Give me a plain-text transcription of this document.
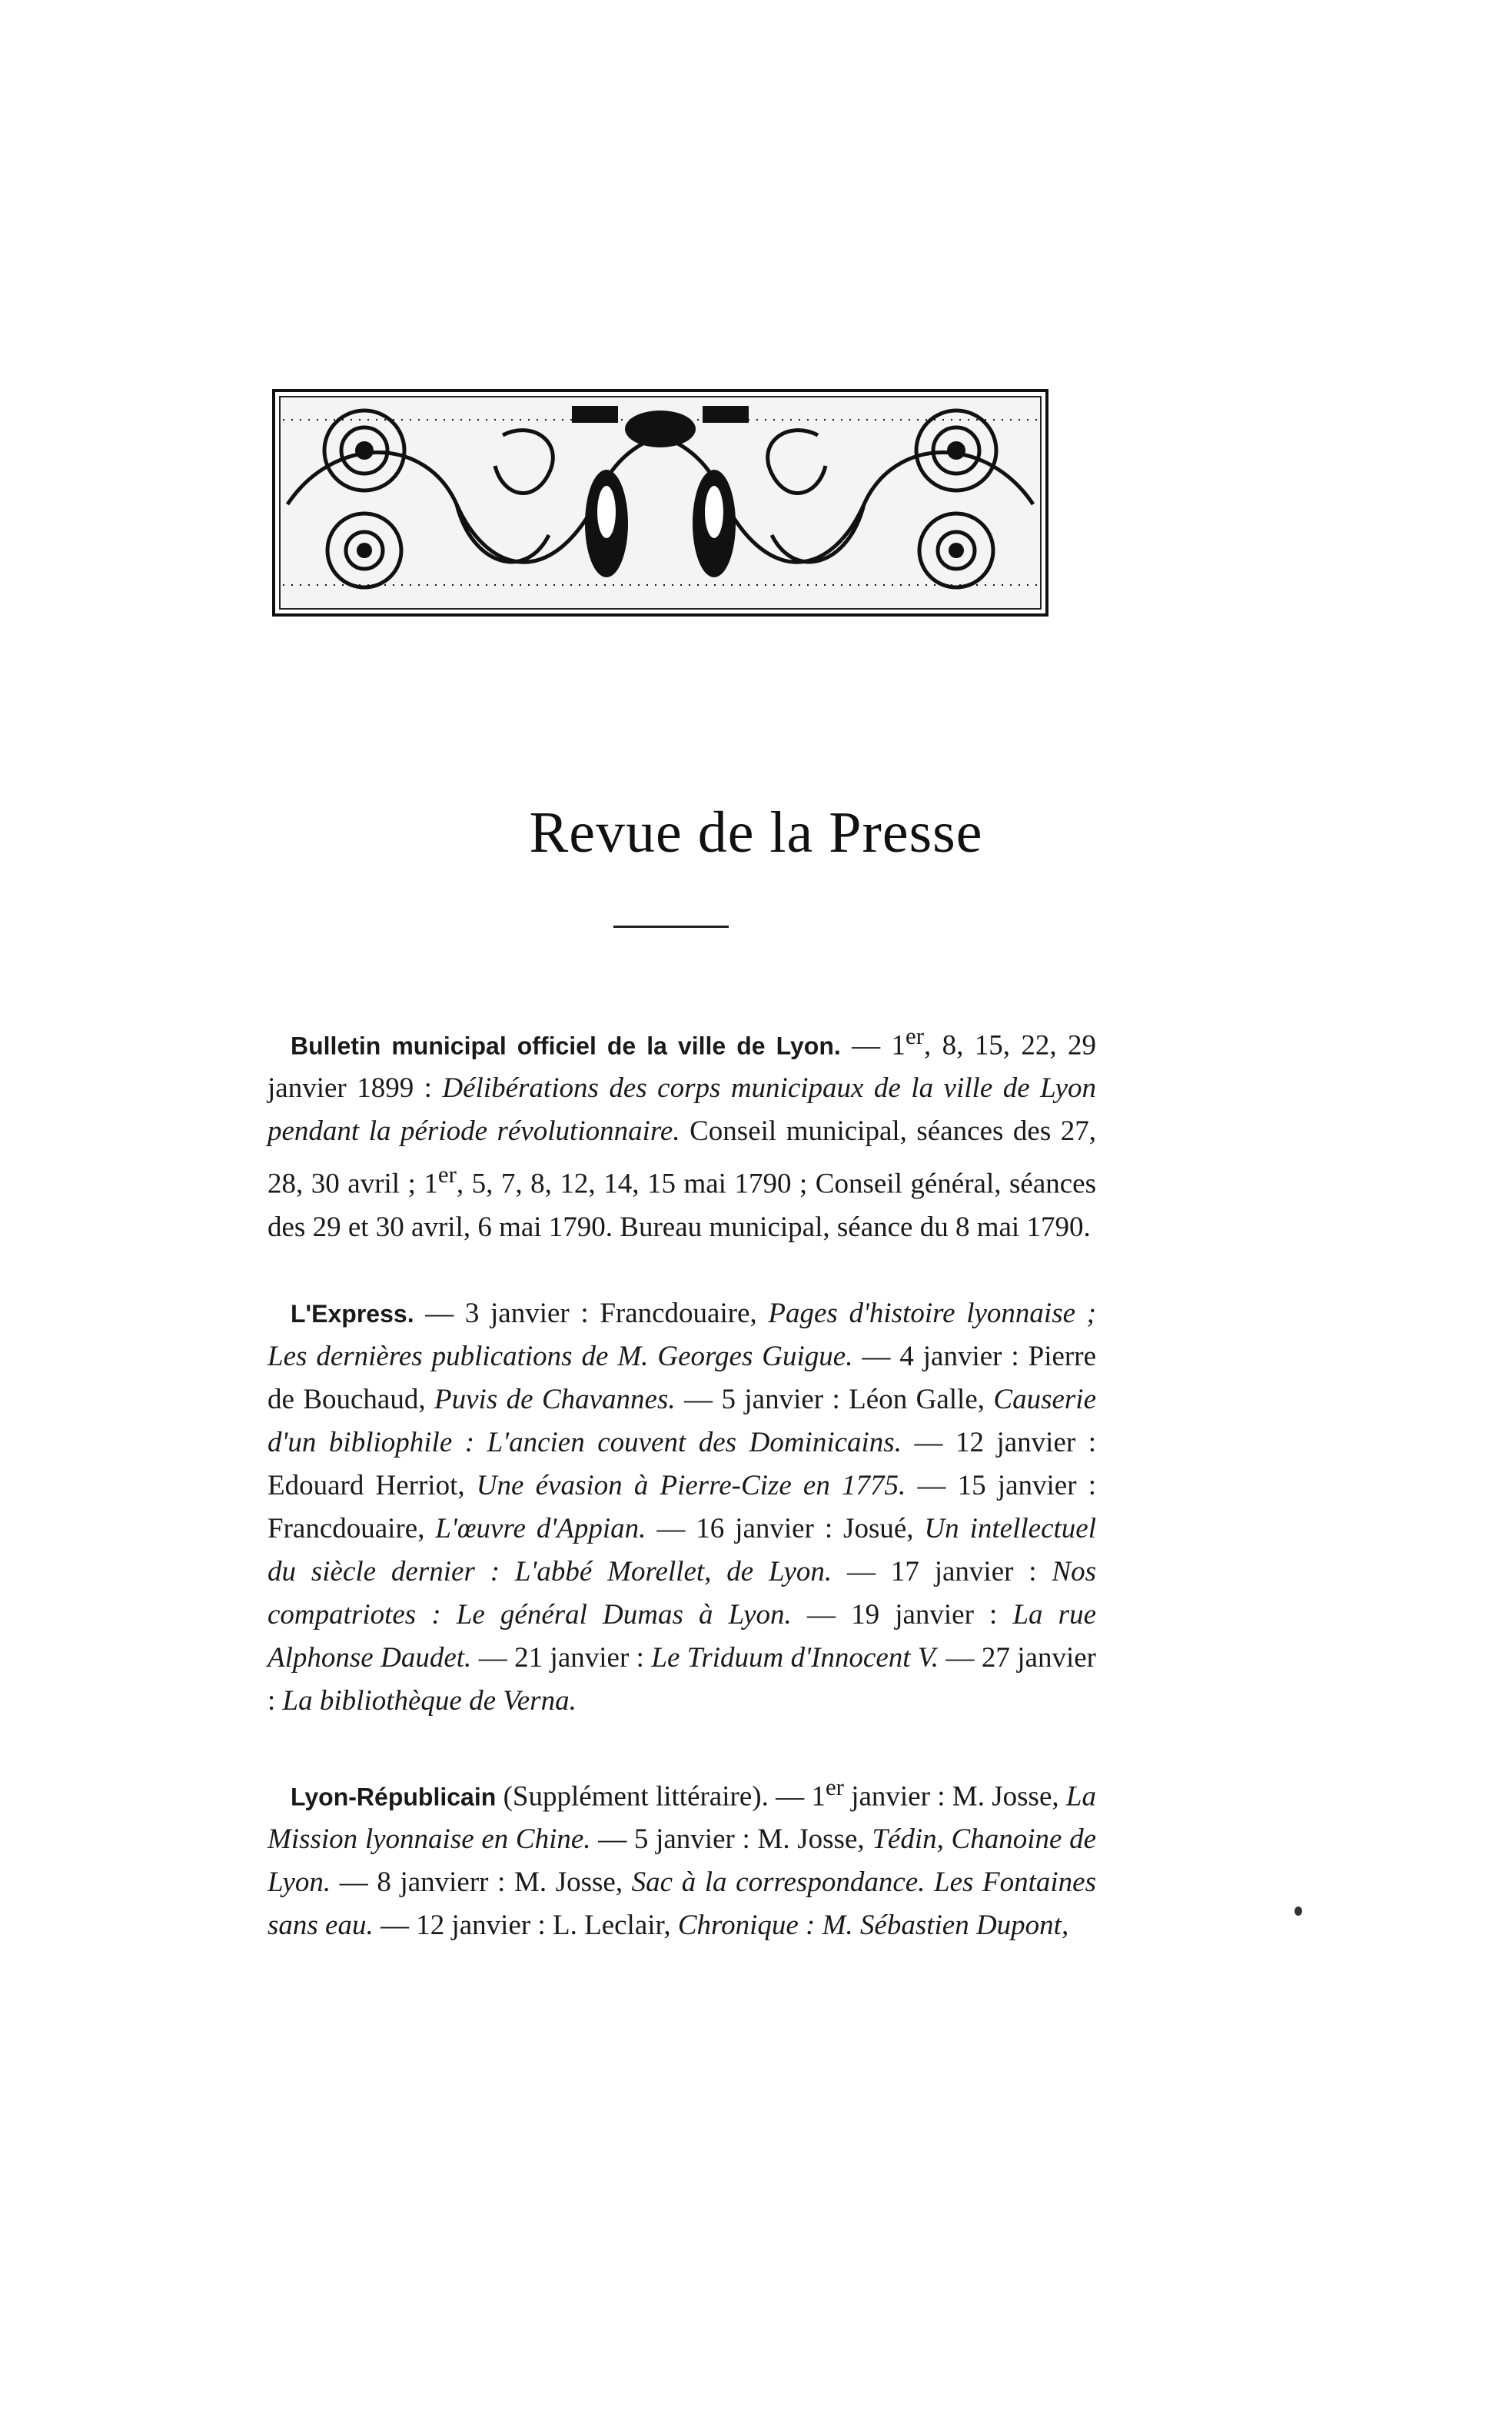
Revue de la Presse

Bulletin municipal officiel de la ville de Lyon. — 1er, 8, 15, 22, 29 janvier 1899 : Délibérations des corps municipaux de la ville de Lyon pendant la période révolutionnaire. Conseil municipal, séances des 27, 28, 30 avril ; 1er, 5, 7, 8, 12, 14, 15 mai 1790 ; Conseil général, séances des 29 et 30 avril, 6 mai 1790. Bureau municipal, séance du 8 mai 1790.

L'Express. — 3 janvier : Francdouaire, Pages d'histoire lyonnaise ; Les dernières publications de M. Georges Guigue. — 4 janvier : Pierre de Bouchaud, Puvis de Chavannes. — 5 janvier : Léon Galle, Causerie d'un bibliophile : L'ancien couvent des Dominicains. — 12 janvier : Edouard Herriot, Une évasion à Pierre-Cize en 1775. — 15 janvier : Francdouaire, L'œuvre d'Appian. — 16 janvier : Josué, Un intellectuel du siècle dernier : L'abbé Morellet, de Lyon. — 17 janvier : Nos compatriotes : Le général Dumas à Lyon. — 19 janvier : La rue Alphonse Daudet. — 21 janvier : Le Triduum d'Innocent V. — 27 janvier : La bibliothèque de Verna.

Lyon-Républicain (Supplément littéraire). — 1er janvier : M. Josse, La Mission lyonnaise en Chine. — 5 janvier : M. Josse, Tédin, Chanoine de Lyon. — 8 janvierr : M. Josse, Sac à la correspondance. Les Fontaines sans eau. — 12 janvier : L. Leclair, Chronique : M. Sébastien Dupont,
